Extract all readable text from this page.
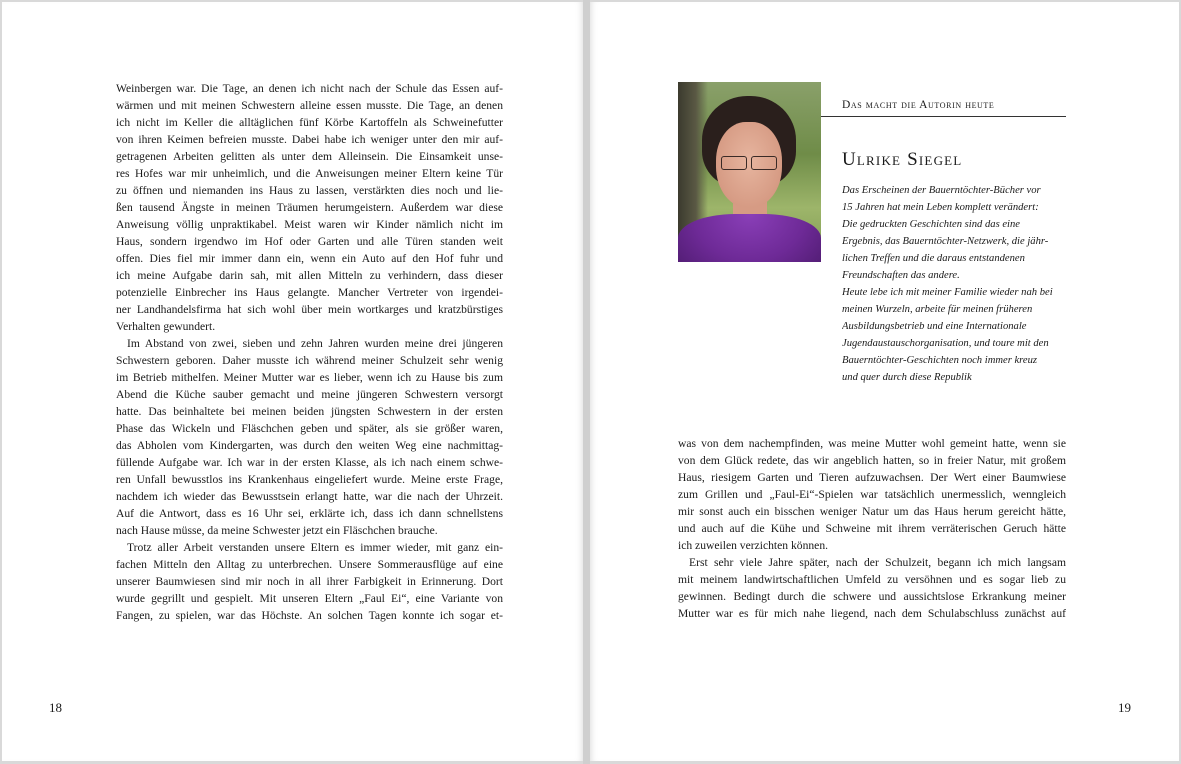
Weinbergen war. Die Tage, an denen ich nicht nach der Schule das Essen auf-
wärmen und mit meinen Schwestern alleine essen musste. Die Tage, an denen
ich nicht im Keller die alltäglichen fünf Körbe Kartoffeln als Schweinefutter
von ihren Keimen befreien musste. Dabei habe ich weniger unter den mir auf-
getragenen Arbeiten gelitten als unter dem Alleinsein. Die Einsamkeit unse-
res Hofes war mir unheimlich, und die Anweisungen meiner Eltern keine Tür
zu öffnen und niemanden ins Haus zu lassen, verstärkten dies noch und lie-
ßen tausend Ängste in meinen Träumen herumgeistern. Außerdem war diese
Anweisung völlig unpraktikabel. Meist waren wir Kinder nämlich nicht im
Haus, sondern irgendwo im Hof oder Garten und alle Türen standen weit
offen. Dies fiel mir immer dann ein, wenn ein Auto auf den Hof fuhr und
ich meine Aufgabe darin sah, mit allen Mitteln zu verhindern, dass dieser
potenzielle Einbrecher ins Haus gelangte. Mancher Vertreter von irgendei-
ner Landhandelsfirma hat sich wohl über mein wortkarges und kratzbürstiges
Verhalten gewundert.
Im Abstand von zwei, sieben und zehn Jahren wurden meine drei jüngeren
Schwestern geboren. Daher musste ich während meiner Schulzeit sehr wenig
im Betrieb mithelfen. Meiner Mutter war es lieber, wenn ich zu Hause bis zum
Abend die Küche sauber gemacht und meine jüngeren Schwestern versorgt
hatte. Das beinhaltete bei meinen beiden jüngsten Schwestern in der ersten
Phase das Wickeln und Fläschchen geben und später, als sie größer waren,
das Abholen vom Kindergarten, was durch den weiten Weg eine nachmittag-
füllende Aufgabe war. Ich war in der ersten Klasse, als ich nach einem schwe-
ren Unfall bewusstlos ins Krankenhaus eingeliefert wurde. Meine erste Frage,
nachdem ich wieder das Bewusstsein erlangt hatte, war die nach der Uhrzeit.
Auf die Antwort, dass es 16 Uhr sei, erklärte ich, dass ich dann schnellstens
nach Hause müsse, da meine Schwester jetzt ein Fläschchen brauche.
Trotz aller Arbeit verstanden unsere Eltern es immer wieder, mit ganz ein-
fachen Mitteln den Alltag zu unterbrechen. Unsere Sommerausflüge auf eine
unserer Baumwiesen sind mir noch in all ihrer Farbigkeit in Erinnerung. Dort
wurde gegrillt und gespielt. Mit unseren Eltern „Faul Ei“, eine Variante von
Fangen, zu spielen, war das Höchste. An solchen Tagen konnte ich sogar et-
18
Das macht die Autorin heute
Ulrike Siegel
Das Erscheinen der Bauerntöchter-Bücher vor
15 Jahren hat mein Leben komplett verändert:
Die gedruckten Geschichten sind das eine
Ergebnis, das Bauerntöchter-Netzwerk, die jähr-
lichen Treffen und die daraus entstandenen
Freundschaften das andere.
Heute lebe ich mit meiner Familie wieder nah bei
meinen Wurzeln, arbeite für meinen früheren
Ausbildungsbetrieb und eine Internationale
Jugendaustauschorganisation, und toure mit den
Bauerntöchter-Geschichten noch immer kreuz
und quer durch diese Republik
was von dem nachempfinden, was meine Mutter wohl gemeint hatte, wenn sie
von dem Glück redete, das wir angeblich hatten, so in freier Natur, mit großem
Haus, riesigem Garten und Tieren aufzuwachsen. Der Wert einer Baumwiese
zum Grillen und „Faul-Ei“-Spielen war tatsächlich unermesslich, wenngleich
mir sonst auch ein bisschen weniger Natur um das Haus herum gereicht hätte,
und auch auf die Kühe und Schweine mit ihrem verräterischen Geruch hätte
ich zuweilen verzichten können.
Erst sehr viele Jahre später, nach der Schulzeit, begann ich mich langsam
mit meinem landwirtschaftlichen Umfeld zu versöhnen und es sogar lieb zu
gewinnen. Bedingt durch die schwere und aussichtslose Erkrankung meiner
Mutter war es für mich nahe liegend, nach dem Schulabschluss zunächst auf
19
